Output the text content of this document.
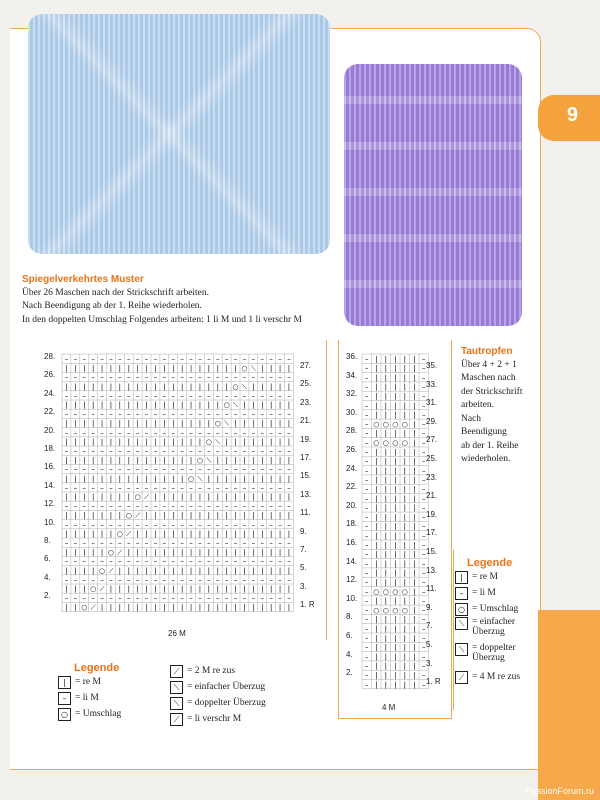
9
Spiegelverkehrtes Muster

Über 26 Maschen nach der Strickschrift arbeiten.

Nach Beendigung ab der 1. Reihe wiederholen.

In den doppelten Umschlag Folgendes arbeiten: 1 li M und 1 li verschr M

– – – – – – – – – – – – – – – – – – – – – – – – – –
| | | | | | | | | | | | | | | | | | | | ○ ⟍ | | | |
– – – – – – – – – – – – – – – – – – – – – – – – – –
| | | | | | | | | | | | | | | | | | | ○ ⟍ | | | | |
– – – – – – – – – – – – – – – – – – – – – – – – – –
| | | | | | | | | | | | | | | | | | ○ ⟍ | | | | | |
– – – – – – – – – – – – – – – – – – – – – – – – – –
| | | | | | | | | | | | | | | | | ○ ⟍ | | | | | | |
– – – – – – – – – – – – – – – – – – – – – – – – – –
| | | | | | | | | | | | | | | | ○ ⟍ | | | | | | | |
– – – – – – – – – – – – – – – – – – – – – – – – – –
| | | | | | | | | | | | | | | ○ ⟍ | | | | | | | | |
– – – – – – – – – – – – – – – – – – – – – – – – – –
| | | | | | | | | | | | | | ○ ⟍ | | | | | | | | | |
– – – – – – – – – – – – – – – – – – – – – – – – – –
| | | | | | | | ○ ⟋ | | | | | | | | | | | | | | | |
– – – – – – – – – – – – – – – – – – – – – – – – – –
| | | | | | | ○ ⟋ | | | | | | | | | | | | | | | | |
– – – – – – – – – – – – – – – – – – – – – – – – – –
| | | | | | ○ ⟋ | | | | | | | | | | | | | | | | | |
– – – – – – – – – – – – – – – – – – – – – – – – – –
| | | | | ○ ⟋ | | | | | | | | | | | | | | | | | | |
– – – – – – – – – – – – – – – – – – – – – – – – – –
| | | | ○ ⟋ | | | | | | | | | | | | | | | | | | | |
– – – – – – – – – – – – – – – – – – – – – – – – – –
| | | ○ ⟋ | | | | | | | | | | | | | | | | | | | | |
– – – – – – – – – – – – – – – – – – – – – – – – – –
| | ○ ⟋ | | | | | | | | | | | | | | | | | | | | | |
28.
26.
24.
22.
20.
18.
16.
14.
12.
10.
8.
6.
4.
2.
27.
25.
23.
21.
19.
17.
15.
13.
11.
9.
7.
5.
3.
1. R
26 M
– | | | | | –
– | | | | | –
– | | | | | –
– | | | | | –
– | | | | | –
– | | | | | –
– | | | | | –
– ○ ○ ○ ○ | –
– | | | | | –
– ○ ○ ○ ○ | –
– | | | | | –
– | | | | | –
– | | | | | –
– | | | | | –
– | | | | | –
– | | | | | –
– | | | | | –
– | | | | | –
– | | | | | –
– | | | | | –
– | | | | | –
– | | | | | –
– | | | | | –
– | | | | | –
– | | | | | –
– ○ ○ ○ ○ | –
– | | | | | –
– ○ ○ ○ ○ | –
– | | | | | –
– | | | | | –
– | | | | | –
– | | | | | –
– | | | | | –
– | | | | | –
– | | | | | –
– | | | | | –
36.
34.
32.
30.
28.
26.
24.
22.
20.
18.
16.
14.
12.
10.
8.
6.
4.
2.
35.
33.
31.
29.
27.
25.
23.
21.
19.
17.
15.
13.
11.
9.
7.
5.
3.
1. R
4 M
Tautropfen

Über 4 + 2 + 1

Maschen nach

der Strickschrift

arbeiten.

Nach

Beendigung

ab der 1. Reihe

wiederholen.

Legende
| = re M
– = li M
○ = Umschlag
⟋ = 2 M re zus
⟍ = einfacher Überzug
⟍ = doppelter Überzug
⟋ = li verschr M
Legende
| = re M
– = li M
○ = Umschlag
⟍ = einfacher Überzug
⟍ = doppelter Überzug
⟋ = 4 M re zus
PassionForum.ru
